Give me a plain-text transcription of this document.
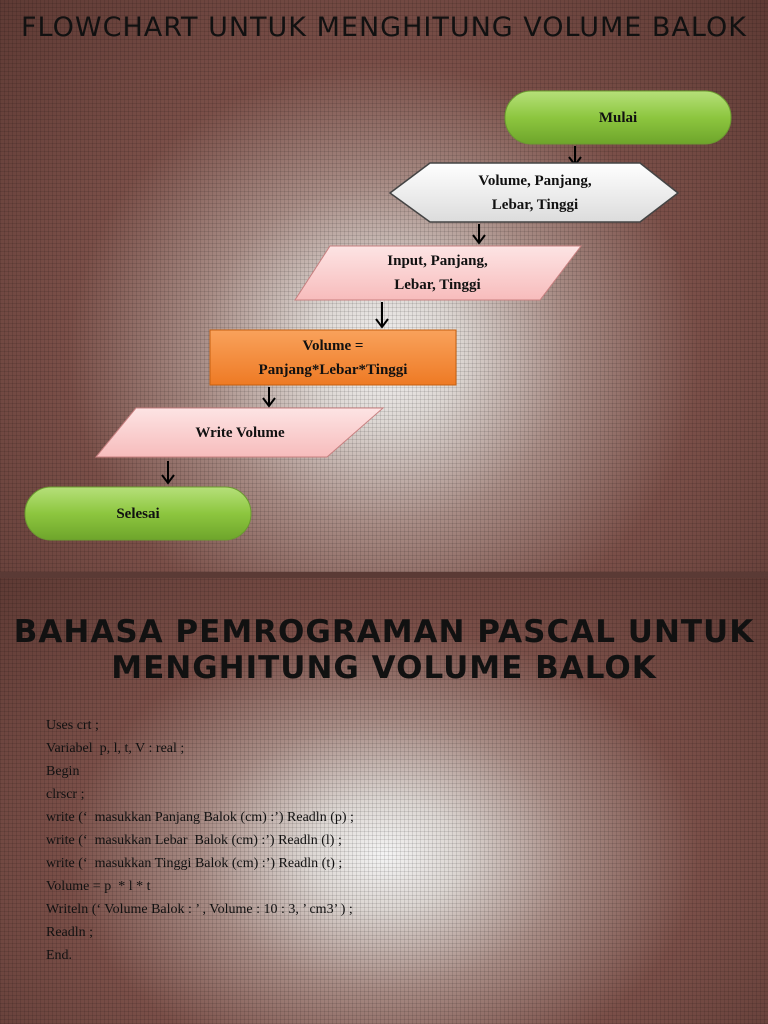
FLOWCHART UNTUK MENGHITUNG VOLUME BALOK
Mulai
Volume, Panjang,
Lebar, Tinggi
Input, Panjang,
Lebar, Tinggi
Volume =
Panjang*Lebar*Tinggi
Write Volume
Selesai
BAHASA PEMROGRAMAN PASCAL UNTUK MENGHITUNG VOLUME BALOK
Uses crt ;
Variabel  p, l, t, V : real ;
Begin
clrscr ;
write (‘  masukkan Panjang Balok (cm) :’) Readln (p) ;
write (‘  masukkan Lebar  Balok (cm) :’) Readln (l) ;
write (‘  masukkan Tinggi Balok (cm) :’) Readln (t) ;
Volume = p  * l * t
Writeln (‘ Volume Balok : ’ , Volume : 10 : 3, ’ cm3’ ) ;
Readln ;
End.
